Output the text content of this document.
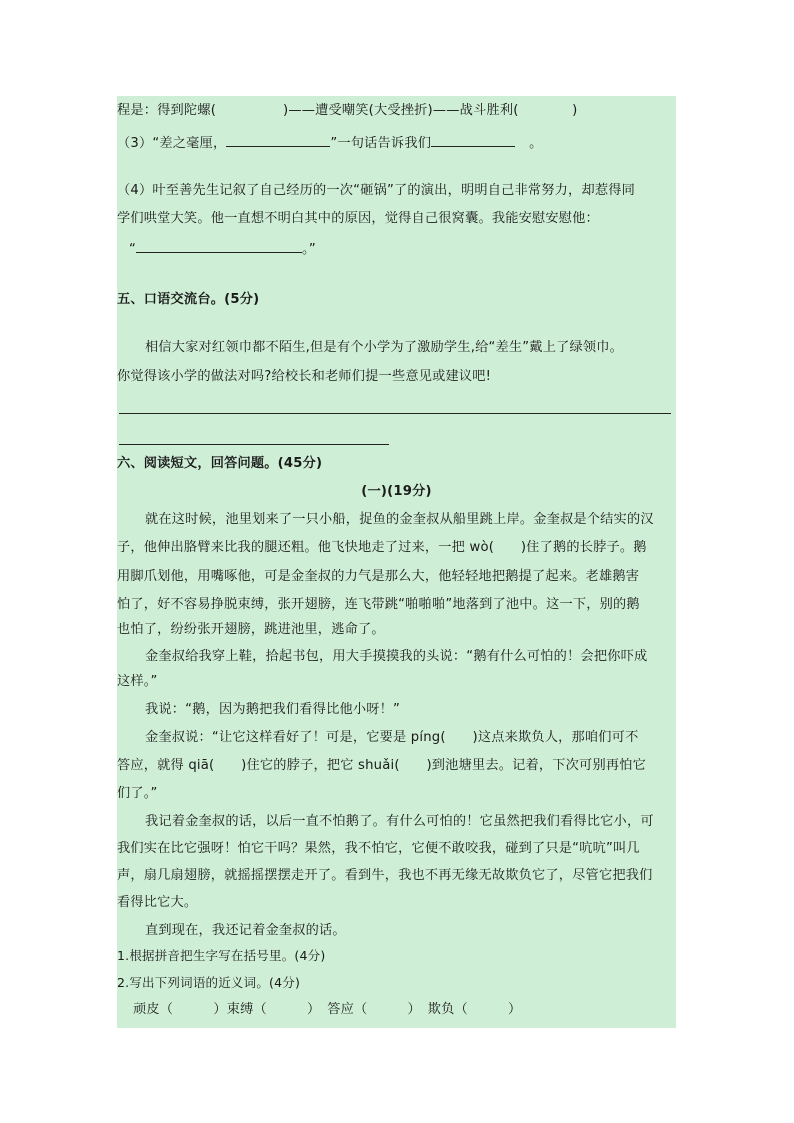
程是：得到陀螺(　　　　　)——遭受嘲笑(大受挫折)——战斗胜利(　　　　)
（3）“差之毫厘，	”一句话告诉我们	。
（4）叶至善先生记叙了自己经历的一次“砸锅”了的演出，明明自己非常努力，却惹得同
学们哄堂大笑。他一直想不明白其中的原因，觉得自己很窝囊。我能安慰安慰他：
“	。”
五、口语交流台。(5分)
相信大家对红领巾都不陌生,但是有个小学为了激励学生,给“差生”戴上了绿领巾。
你觉得该小学的做法对吗?给校长和老师们提一些意见或建议吧!
六、阅读短文，回答问题。(45分)
(一)(19分)
就在这时候，池里划来了一只小船，捉鱼的金奎叔从船里跳上岸。金奎叔是个结实的汉
子，他伸出胳臂来比我的腿还粗。他飞快地走了过来，一把 wò(　　)住了鹅的长脖子。鹅
用脚爪划他，用嘴啄他，可是金奎叔的力气是那么大，他轻轻地把鹅提了起来。老雄鹅害
怕了，好不容易挣脱束缚，张开翅膀，连飞带跳“啪啪啪”地落到了池中。这一下，别的鹅
也怕了，纷纷张开翅膀，跳进池里，逃命了。
金奎叔给我穿上鞋，拾起书包，用大手摸摸我的头说：“鹅有什么可怕的！会把你吓成
这样。”
我说：“鹅，因为鹅把我们看得比他小呀！”
金奎叔说：“让它这样看好了！可是，它要是 píng(　　)这点来欺负人，那咱们可不
答应，就得 qiā(　　)住它的脖子，把它 shuǎi(　　)到池塘里去。记着，下次可别再怕它
们了。”
我记着金奎叔的话，以后一直不怕鹅了。有什么可怕的！它虽然把我们看得比它小，可
我们实在比它强呀！怕它干吗？果然，我不怕它，它便不敢咬我，碰到了只是“吭吭”叫几
声，扇几扇翅膀，就摇摇摆摆走开了。看到牛，我也不再无缘无故欺负它了，尽管它把我们
看得比它大。
直到现在，我还记着金奎叔的话。
1.根据拼音把生字写在括号里。(4分)
2.写出下列词语的近义词。(4分)
顽皮（　　　）束缚（　　　）　答应（　　　）　欺负（　　　）
